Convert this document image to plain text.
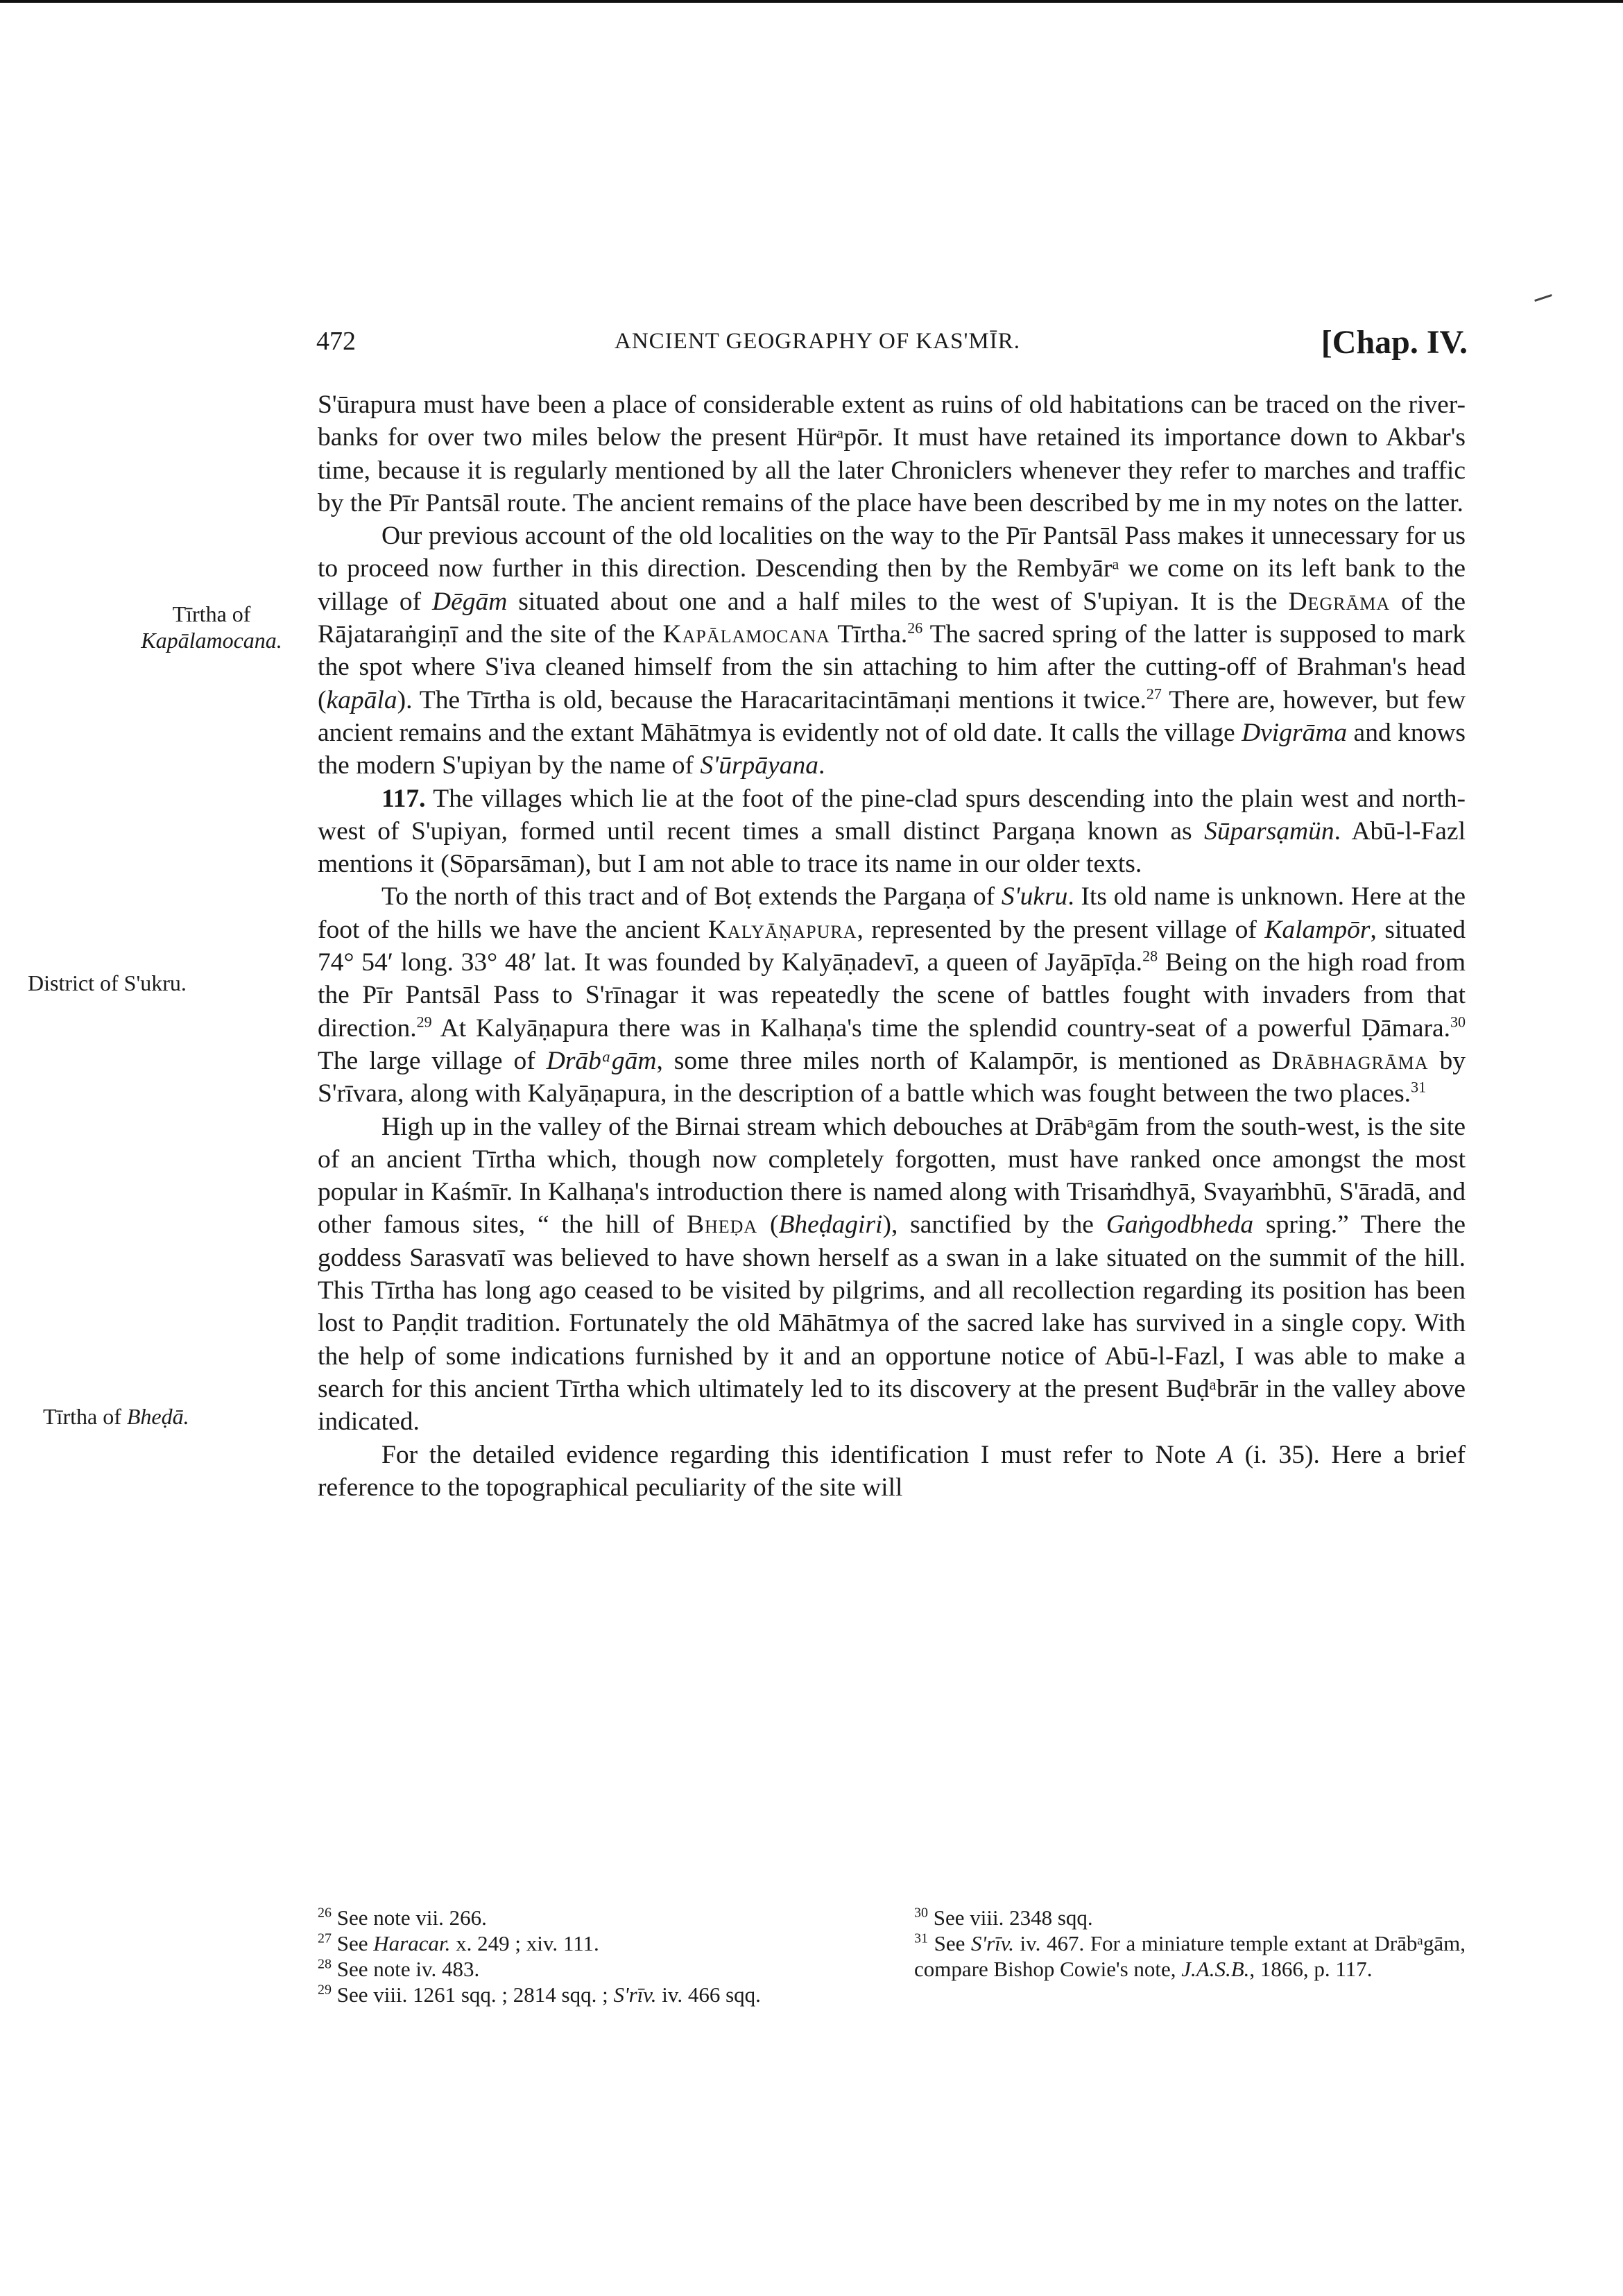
472	ANCIENT GEOGRAPHY OF KAS'MĪR.	[Chap. IV.
Tīrtha of
Kapālamocana.
District of S'ukru.
Tīrtha of Bheḍā.

S'ūrapura must have been a place of considerable extent as ruins of old habitations can be traced on the river-banks for over two miles below the present Hürᵃpōr. It must have retained its importance down to Akbar's time, because it is regularly mentioned by all the later Chroniclers whenever they refer to marches and traffic by the Pīr Pantsāl route. The ancient remains of the place have been described by me in my notes on the latter.

Our previous account of the old localities on the way to the Pīr Pantsāl Pass makes it unnecessary for us to proceed now further in this direction. Descending then by the Rembyārᵃ we come on its left bank to the village of Dēgām situated about one and a half miles to the west of S'upiyan. It is the Degrāma of the Rājataraṅgiṇī and the site of the Kapālamocana Tīrtha.$^{26}$ The sacred spring of the latter is supposed to mark the spot where S'iva cleaned himself from the sin attaching to him after the cutting-off of Brahman's head (kapāla). The Tīrtha is old, because the Haracaritacintāmaṇi mentions it twice.$^{27}$ There are, however, but few ancient remains and the extant Māhātmya is evidently not of old date. It calls the village Dvigrāma and knows the modern S'upiyan by the name of S'ūrpāyana.

117. The villages which lie at the foot of the pine-clad spurs descending into the plain west and north-west of S'upiyan, formed until recent times a small distinct Pargaṇa known as Sūparsạmün. Abū-l-Fazl mentions it (Sōparsāman), but I am not able to trace its name in our older texts.

To the north of this tract and of Boṭ extends the Pargaṇa of S'ukru. Its old name is unknown. Here at the foot of the hills we have the ancient Kalyāṇapura, represented by the present village of Kalampōr, situated 74° 54′ long. 33° 48′ lat. It was founded by Kalyāṇadevī, a queen of Jayāpīḍa.$^{28}$ Being on the high road from the Pīr Pantsāl Pass to S'rīnagar it was repeatedly the scene of battles fought with invaders from that direction.$^{29}$ At Kalyāṇapura there was in Kalhaṇa's time the splendid country-seat of a powerful Ḍāmara.$^{30}$ The large village of Drābᵃgām, some three miles north of Kalampōr, is mentioned as Drābhagrāma by S'rīvara, along with Kalyāṇapura, in the description of a battle which was fought between the two places.$^{31}$

High up in the valley of the Birnai stream which debouches at Drābᵃgām from the south-west, is the site of an ancient Tīrtha which, though now completely forgotten, must have ranked once amongst the most popular in Kaśmīr. In Kalhaṇa's introduction there is named along with Trisaṁdhyā, Svayaṁbhū, S'āradā, and other famous sites, “ the hill of Bheḍa (Bheḍagiri), sanctified by the Gaṅgodbheda spring.” There the goddess Sarasvatī was believed to have shown herself as a swan in a lake situated on the summit of the hill. This Tīrtha has long ago ceased to be visited by pilgrims, and all recollection regarding its position has been lost to Paṇḍit tradition. Fortunately the old Māhātmya of the sacred lake has survived in a single copy. With the help of some indications furnished by it and an opportune notice of Abū-l-Fazl, I was able to make a search for this ancient Tīrtha which ultimately led to its discovery at the present Buḍᵃbrār in the valley above indicated.

For the detailed evidence regarding this identification I must refer to Note A (i. 35). Here a brief reference to the topographical peculiarity of the site will

$^{26}$ See note vii. 266.

$^{27}$ See Haracar. x. 249 ; xiv. 111.

$^{28}$ See note iv. 483.

$^{29}$ See viii. 1261 sqq. ; 2814 sqq. ; S'rīv. iv. 466 sqq.

$^{30}$ See viii. 2348 sqq.

$^{31}$ See S'rīv. iv. 467. For a miniature temple extant at Drābᵃgām, compare Bishop Cowie's note, J.A.S.B., 1866, p. 117.
